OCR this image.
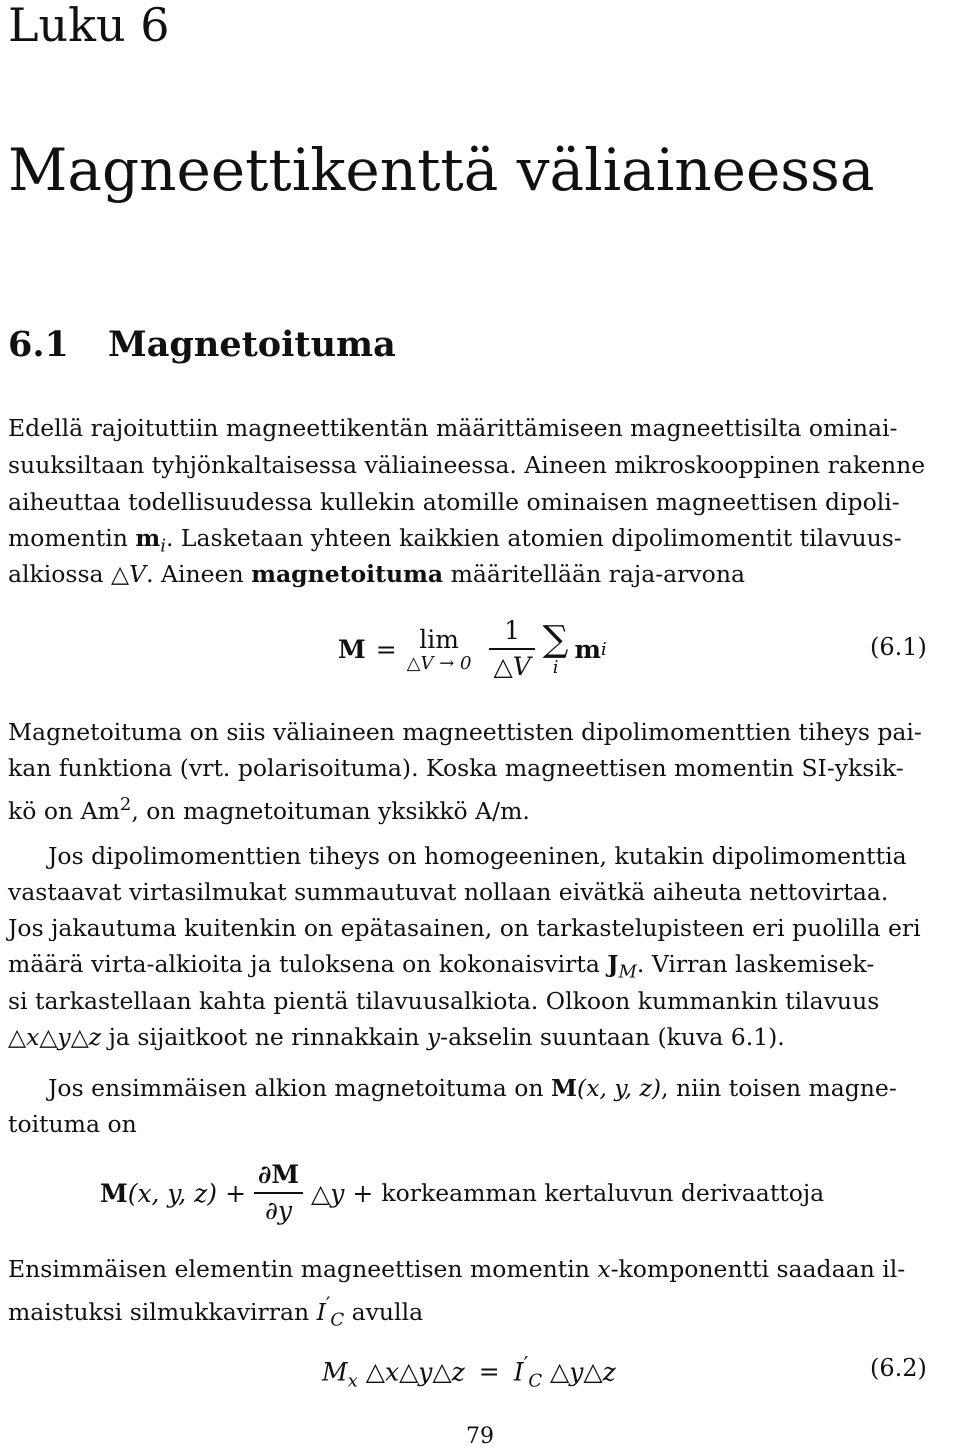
Luku 6
Magneettikenttä väliaineessa
6.1 Magnetoituma
Edellä rajoituttiin magneettikentän määrittämiseen magneettisilta ominai-
suuksiltaan tyhjönkaltaisessa väliaineessa. Aineen mikroskooppinen rakenne
aiheuttaa todellisuudessa kullekin atomille ominaisen magneettisen dipoli-
momentin $m_i$. Lasketaan yhteen kaikkien atomien dipolimomentit tilavuus-
alkiossa △V. Aineen magnetoituma määritellään raja-arvona
M = lim
△V → $0 \frac{1}{\triangle V}$ ∑
i
m i	(6.1)
Magnetoituma on siis väliaineen magneettisten dipolimomenttien tiheys pai-
kan funktiona (vrt. polarisoituma). Koska magneettisen momentin SI-yksik-
kö on Am$^2$, on magnetoituman yksikkö A/m.
Jos dipolimomenttien tiheys on homogeeninen, kutakin dipolimomenttia
vastaavat virtasilmukat summautuvat nollaan eivätkä aiheuta nettovirtaa.
Jos jakautuma kuitenkin on epätasainen, on tarkastelupisteen eri puolilla eri
määrä virta-alkioita ja tuloksena on kokonaisvirta $J_M$. Virran laskemisek-
si tarkastellaan kahta pientä tilavuusalkiota. Olkoon kummankin tilavuus
△x△y△z ja sijaitkoot ne rinnakkain y-akselin suuntaan (kuva 6.1).
Jos ensimmäisen alkion magnetoituma on M(x, y, z), niin toisen magne-
toituma on
M (x, y, $z) + \frac{\partial M}{\partial y}$ △ y + korkeamman kertaluvun derivaattoja
Ensimmäisen elementin magneettisen momentin x-komponentti saadaan il-
maistuksi silmukkavirran $I'_C$ avulla
$M_x$ △x△y△z = $I'_C$ △y△z	(6.2)
79
